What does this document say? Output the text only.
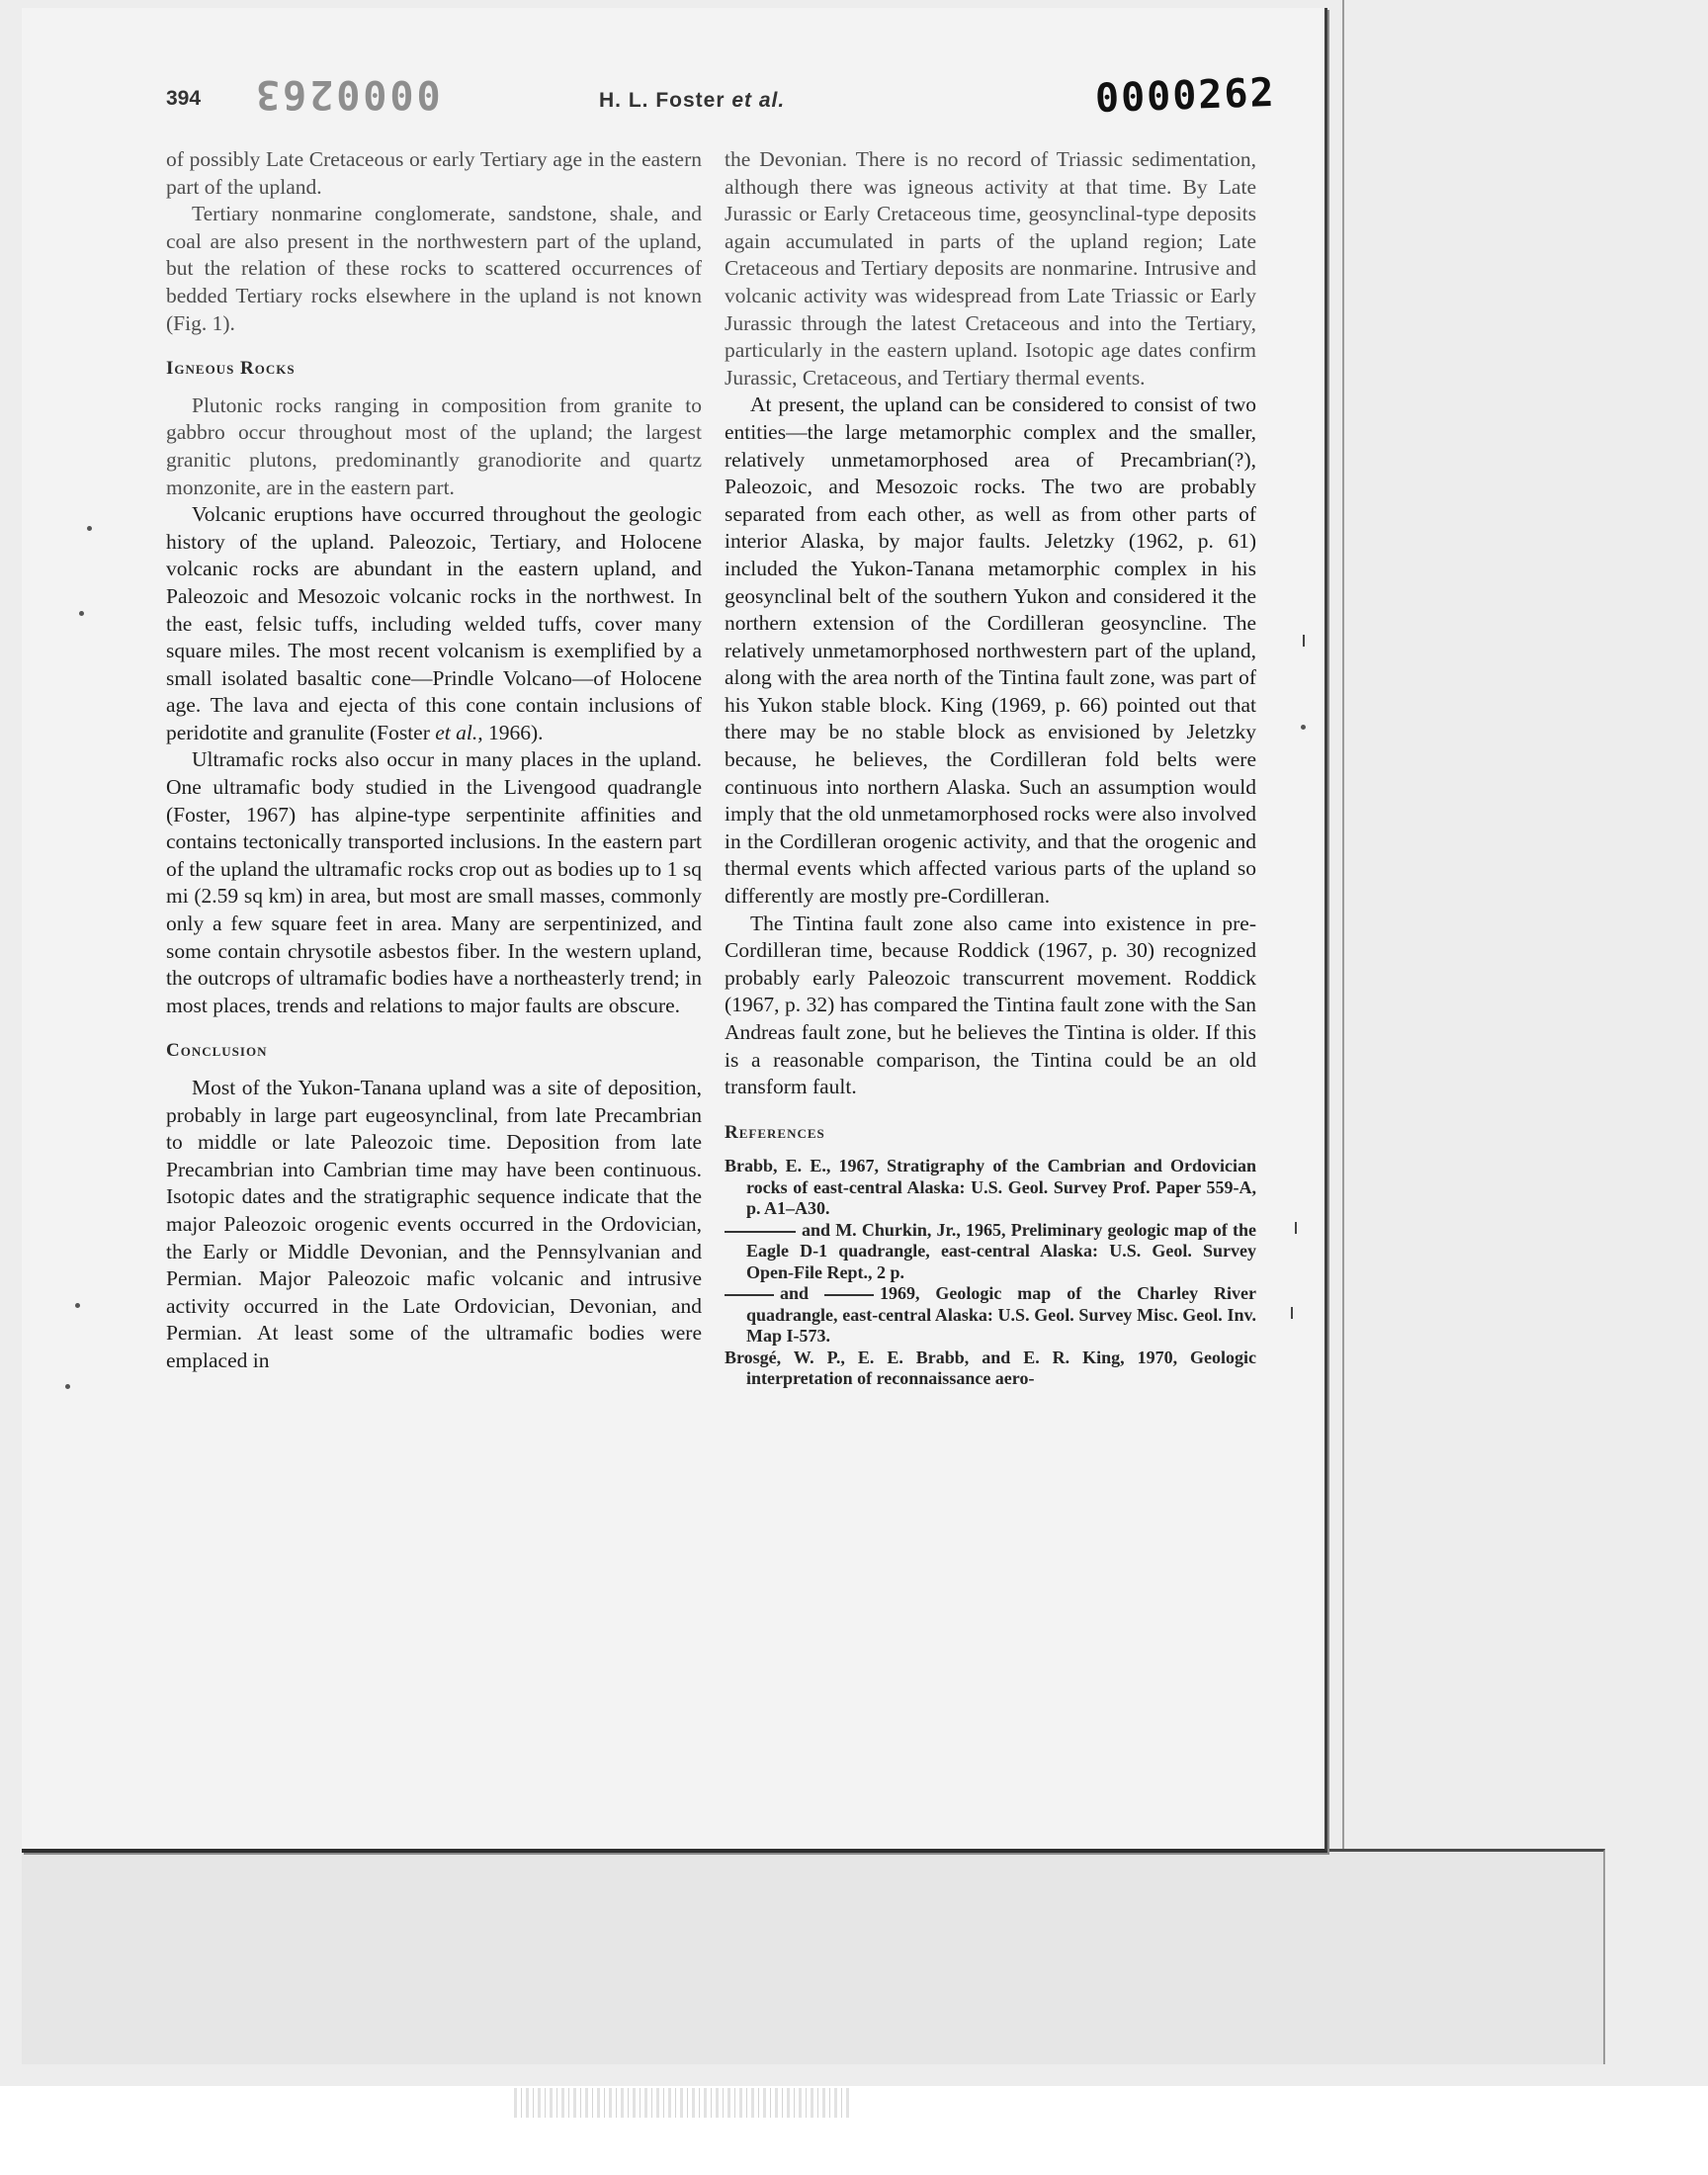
394 0000263	H. L. Foster et al.	0000262

of possibly Late Cretaceous or early Tertiary age in the eastern part of the upland.

Tertiary nonmarine conglomerate, sandstone, shale, and coal are also present in the northwestern part of the upland, but the relation of these rocks to scattered occurrences of bedded Tertiary rocks elsewhere in the upland is not known (Fig. 1).

Igneous Rocks

Plutonic rocks ranging in composition from granite to gabbro occur throughout most of the upland; the largest granitic plutons, predominantly granodiorite and quartz monzonite, are in the eastern part.

Volcanic eruptions have occurred throughout the geologic history of the upland. Paleozoic, Tertiary, and Holocene volcanic rocks are abundant in the eastern upland, and Paleozoic and Mesozoic volcanic rocks in the northwest. In the east, felsic tuffs, including welded tuffs, cover many square miles. The most recent volcanism is exemplified by a small isolated basaltic cone—Prindle Volcano—of Holocene age. The lava and ejecta of this cone contain inclusions of peridotite and granulite (Foster et al., 1966).

Ultramafic rocks also occur in many places in the upland. One ultramafic body studied in the Livengood quadrangle (Foster, 1967) has alpine-type serpentinite affinities and contains tectonically transported inclusions. In the eastern part of the upland the ultramafic rocks crop out as bodies up to 1 sq mi (2.59 sq km) in area, but most are small masses, commonly only a few square feet in area. Many are serpentinized, and some contain chrysotile asbestos fiber. In the western upland, the outcrops of ultramafic bodies have a northeasterly trend; in most places, trends and relations to major faults are obscure.

Conclusion

Most of the Yukon-Tanana upland was a site of deposition, probably in large part eugeosynclinal, from late Precambrian to middle or late Paleozoic time. Deposition from late Precambrian into Cambrian time may have been continuous. Isotopic dates and the stratigraphic sequence indicate that the major Paleozoic orogenic events occurred in the Ordovician, the Early or Middle Devonian, and the Pennsylvanian and Permian. Major Paleozoic mafic volcanic and intrusive activity occurred in the Late Ordovician, Devonian, and Permian. At least some of the ultramafic bodies were emplaced in

the Devonian. There is no record of Triassic sedimentation, although there was igneous activity at that time. By Late Jurassic or Early Cretaceous time, geosynclinal-type deposits again accumulated in parts of the upland region; Late Cretaceous and Tertiary deposits are nonmarine. Intrusive and volcanic activity was widespread from Late Triassic or Early Jurassic through the latest Cretaceous and into the Tertiary, particularly in the eastern upland. Isotopic age dates confirm Jurassic, Cretaceous, and Tertiary thermal events.

At present, the upland can be considered to consist of two entities—the large metamorphic complex and the smaller, relatively unmetamorphosed area of Precambrian(?), Paleozoic, and Mesozoic rocks. The two are probably separated from each other, as well as from other parts of interior Alaska, by major faults. Jeletzky (1962, p. 61) included the Yukon-Tanana metamorphic complex in his geosynclinal belt of the southern Yukon and considered it the northern extension of the Cordilleran geosyncline. The relatively unmetamorphosed northwestern part of the upland, along with the area north of the Tintina fault zone, was part of his Yukon stable block. King (1969, p. 66) pointed out that there may be no stable block as envisioned by Jeletzky because, he believes, the Cordilleran fold belts were continuous into northern Alaska. Such an assumption would imply that the old unmetamorphosed rocks were also involved in the Cordilleran orogenic activity, and that the orogenic and thermal events which affected various parts of the upland so differently are mostly pre-Cordilleran.

The Tintina fault zone also came into existence in pre-Cordilleran time, because Roddick (1967, p. 30) recognized probably early Paleozoic transcurrent movement. Roddick (1967, p. 32) has compared the Tintina fault zone with the San Andreas fault zone, but he believes the Tintina is older. If this is a reasonable comparison, the Tintina could be an old transform fault.

References

Brabb, E. E., 1967, Stratigraphy of the Cambrian and Ordovician rocks of east-central Alaska: U.S. Geol. Survey Prof. Paper 559-A, p. A1–A30.

and M. Churkin, Jr., 1965, Preliminary geologic map of the Eagle D-1 quadrangle, east-central Alaska: U.S. Geol. Survey Open-File Rept., 2 p.

and	1969, Geologic map of the Charley River quadrangle, east-central Alaska: U.S. Geol. Survey Misc. Geol. Inv. Map I-573.

Brosgé, W. P., E. E. Brabb, and E. R. King, 1970, Geologic interpretation of reconnaissance aero-
